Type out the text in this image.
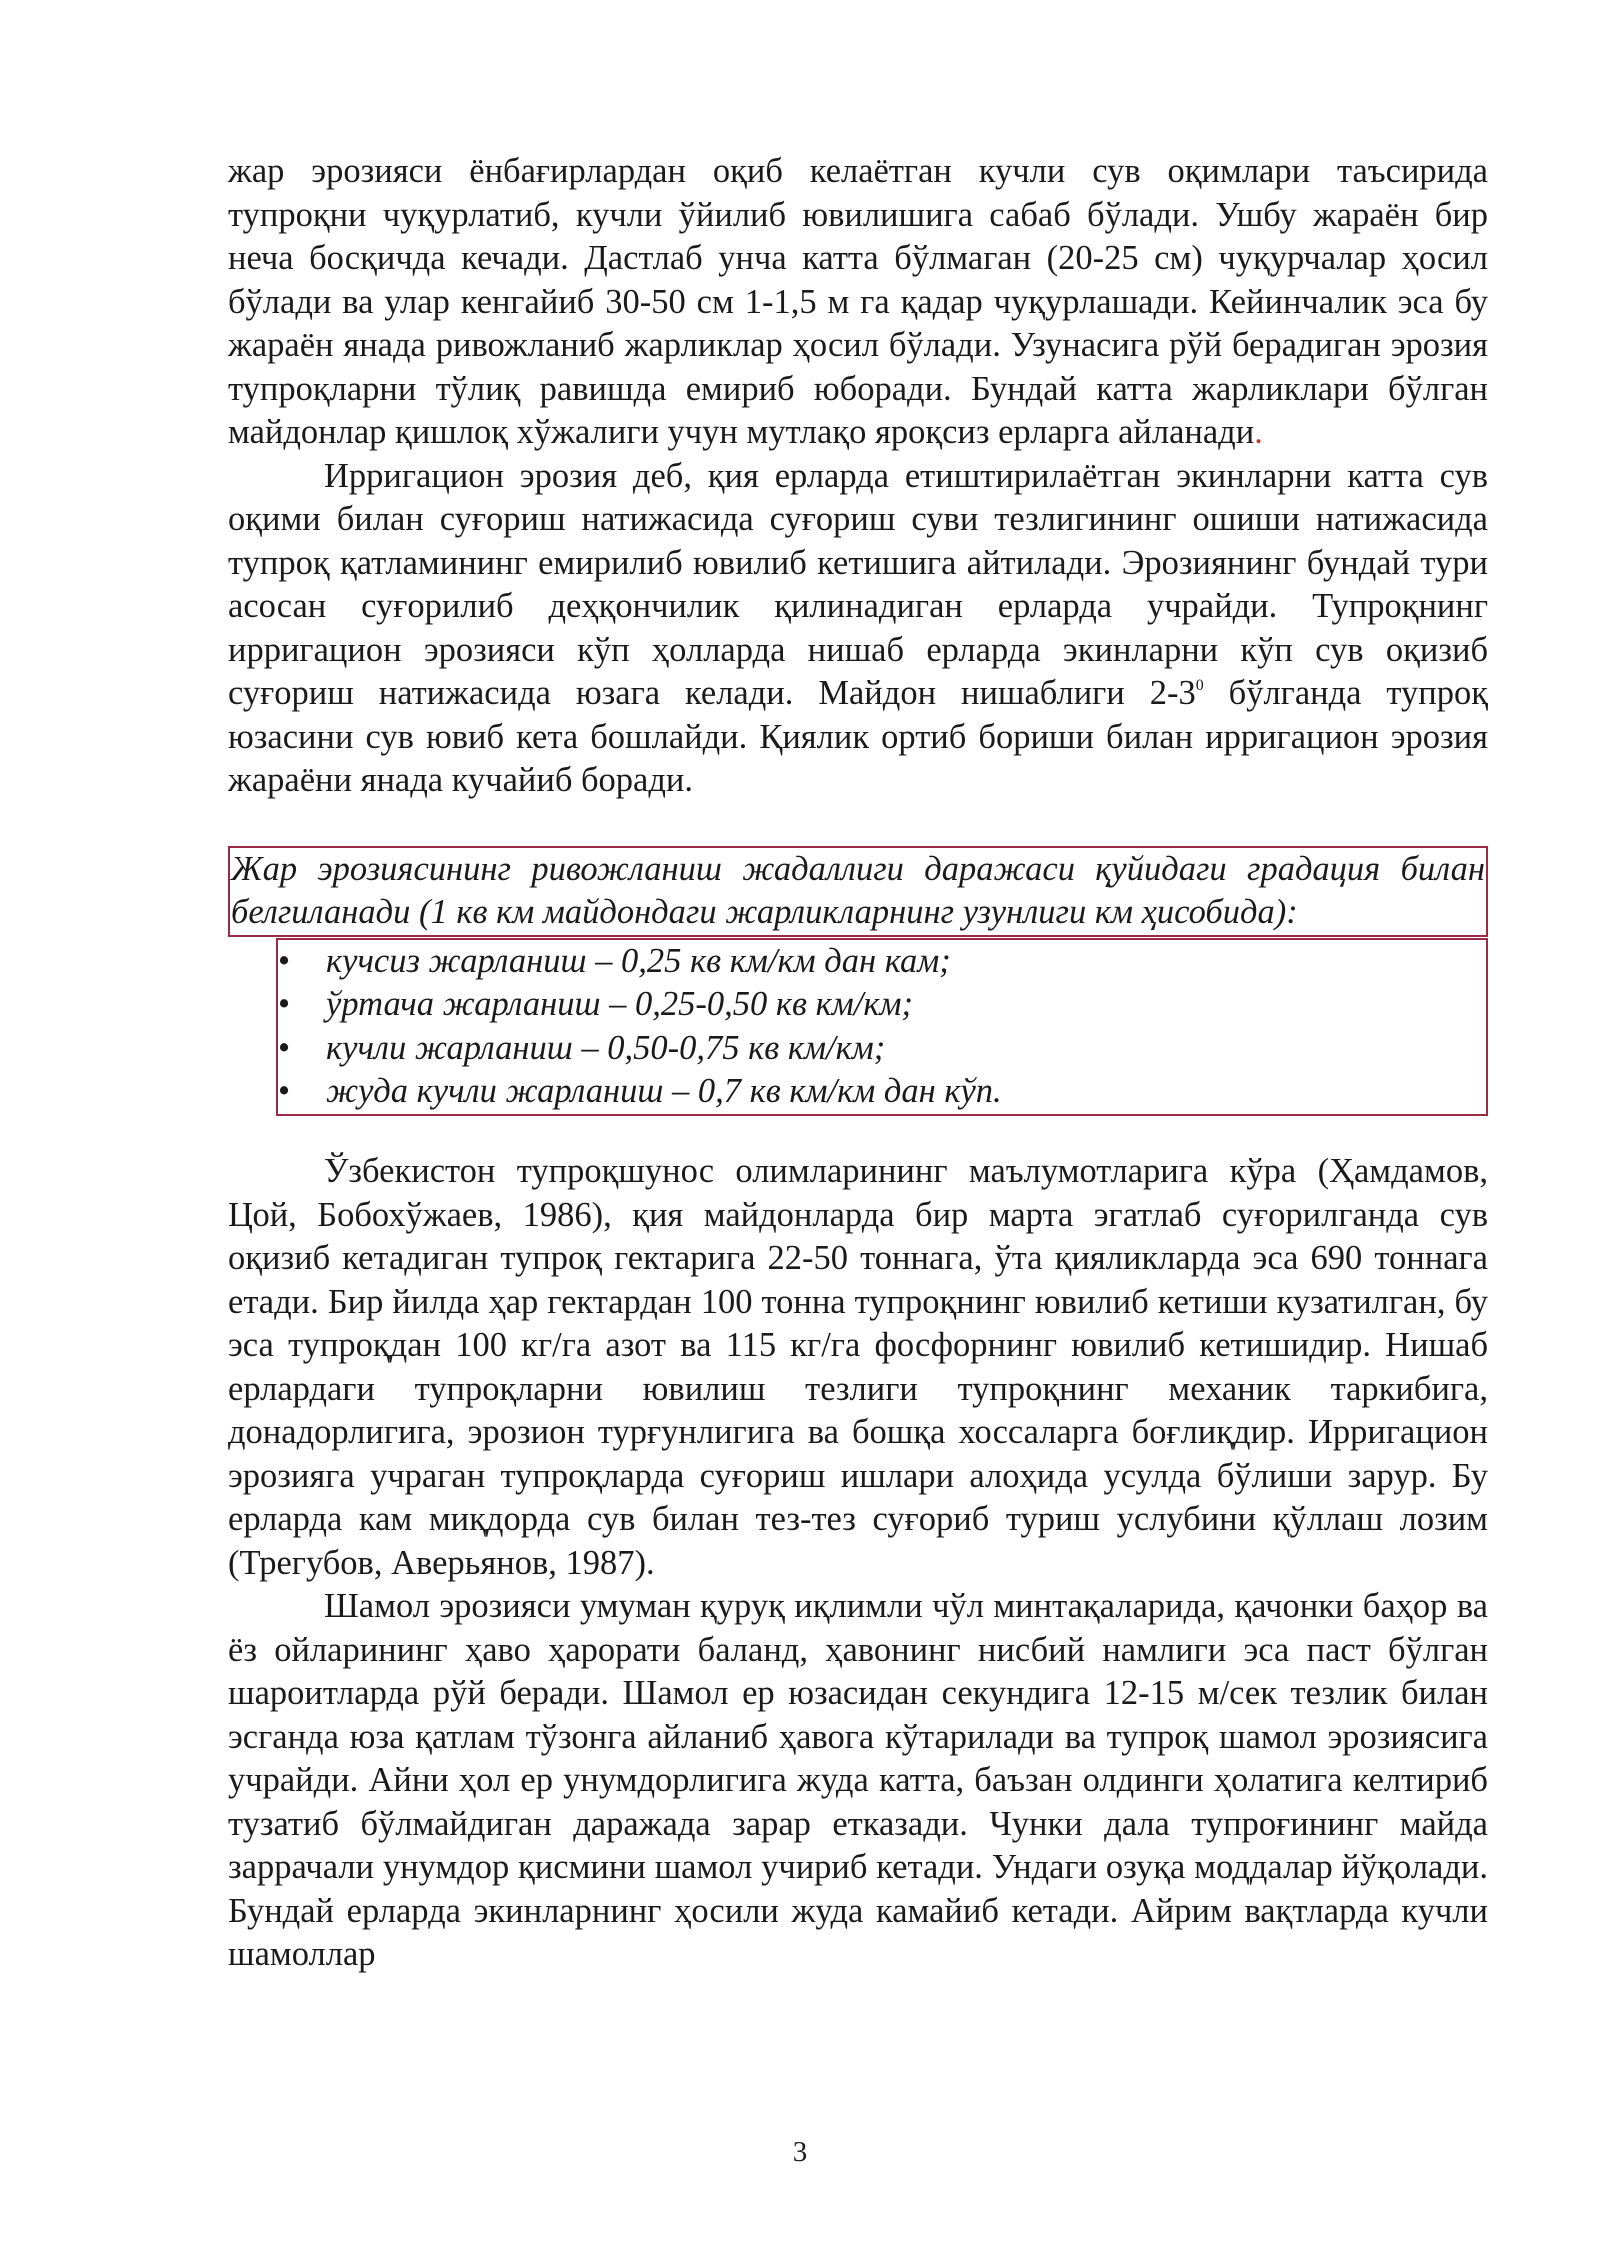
жар эрозияси ёнбағирлардан оқиб келаётган кучли сув оқимлари таъсирида тупроқни чуқурлатиб, кучли ўйилиб ювилишига сабаб бўлади. Ушбу жараён бир неча босқичда кечади. Дастлаб унча катта бўлмаган (20-25 см) чуқурчалар ҳосил бўлади ва улар кенгайиб 30-50 см 1-1,5 м га қадар чуқурлашади. Кейинчалик эса бу жараён янада ривожланиб жарликлар ҳосил бўлади. Узунасига рўй берадиган эрозия тупроқларни тўлиқ равишда емириб юборади. Бундай катта жарликлари бўлган майдонлар қишлоқ хўжалиги учун мутлақо яроқсиз ерларга айланади.

Ирригацион эрозия деб, қия ерларда етиштирилаётган экинларни катта сув оқими билан суғориш натижасида суғориш суви тезлигининг ошиши натижасида тупроқ қатламининг емирилиб ювилиб кетишига айтилади. Эрозиянинг бундай тури асосан суғорилиб деҳқончилик қилинадиган ерларда учрайди. Тупроқнинг ирригацион эрозияси кўп ҳолларда нишаб ерларда экинларни кўп сув оқизиб суғориш натижасида юзага келади. Майдон нишаблиги $2-3^0$ бўлганда тупроқ юзасини сув ювиб кета бошлайди. Қиялик ортиб бориши билан ирригацион эрозия жараёни янада кучайиб боради.

Жар эрозиясининг ривожланиш жадаллиги даражаси қуйидаги градация билан белгиланади (1 кв км майдондаги жарликларнинг узунлиги км ҳисобида):
•	кучсиз жарланиш – 0,25 кв км/км дан кам;
•	ўртача жарланиш – 0,25-0,50 кв км/км;
•	кучли жарланиш – 0,50-0,75 кв км/км;
•	жуда кучли жарланиш – 0,7 кв км/км дан кўп.

Ўзбекистон тупроқшунос олимларининг маълумотларига кўра (Ҳамдамов, Цой, Бобохўжаев, 1986), қия майдонларда бир марта эгатлаб суғорилганда сув оқизиб кетадиган тупроқ гектарига 22-50 тоннага, ўта қияликларда эса 690 тоннага етади. Бир йилда ҳар гектардан 100 тонна тупроқнинг ювилиб кетиши кузатилган, бу эса тупроқдан 100 кг/га азот ва 115 кг/га фосфорнинг ювилиб кетишидир. Нишаб ерлардаги тупроқларни ювилиш тезлиги тупроқнинг механик таркибига, донадорлигига, эрозион турғунлигига ва бошқа хоссаларга боғлиқдир. Ирригацион эрозияга учраган тупроқларда суғориш ишлари алоҳида усулда бўлиши зарур. Бу ерларда кам миқдорда сув билан тез-тез суғориб туриш услубини қўллаш лозим (Трегубов, Аверьянов, 1987).

Шамол эрозияси умуман қуруқ иқлимли чўл минтақаларида, қачонки баҳор ва ёз ойларининг ҳаво ҳарорати баланд, ҳавонинг нисбий намлиги эса паст бўлган шароитларда рўй беради. Шамол ер юзасидан секундига 12-15 м/сек тезлик билан эсганда юза қатлам тўзонга айланиб ҳавога кўтарилади ва тупроқ шамол эрозиясига учрайди. Айни ҳол ер унумдорлигига жуда катта, баъзан олдинги ҳолатига келтириб тузатиб бўлмайдиган даражада зарар етказади. Чунки дала тупроғининг майда заррачали унумдор қисмини шамол учириб кетади. Ундаги озуқа моддалар йўқолади. Бундай ерларда экинларнинг ҳосили жуда камайиб кетади. Айрим вақтларда кучли шамоллар

3
